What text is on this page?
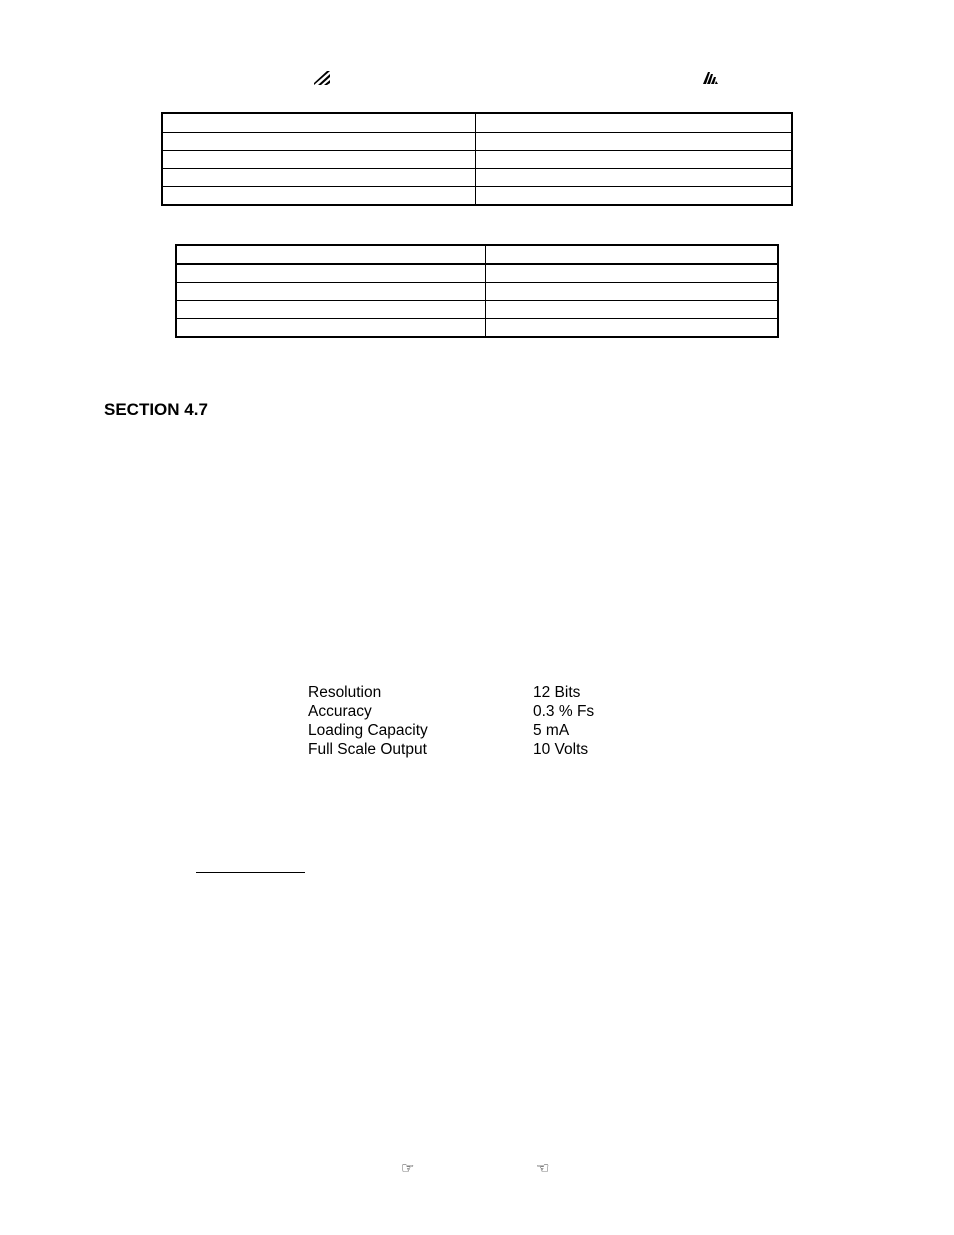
SECTION 4.7
Resolution	12 Bits
Accuracy	0.3 % Fs
Loading Capacity	5 mA
Full Scale Output	10 Volts
☞	☜
